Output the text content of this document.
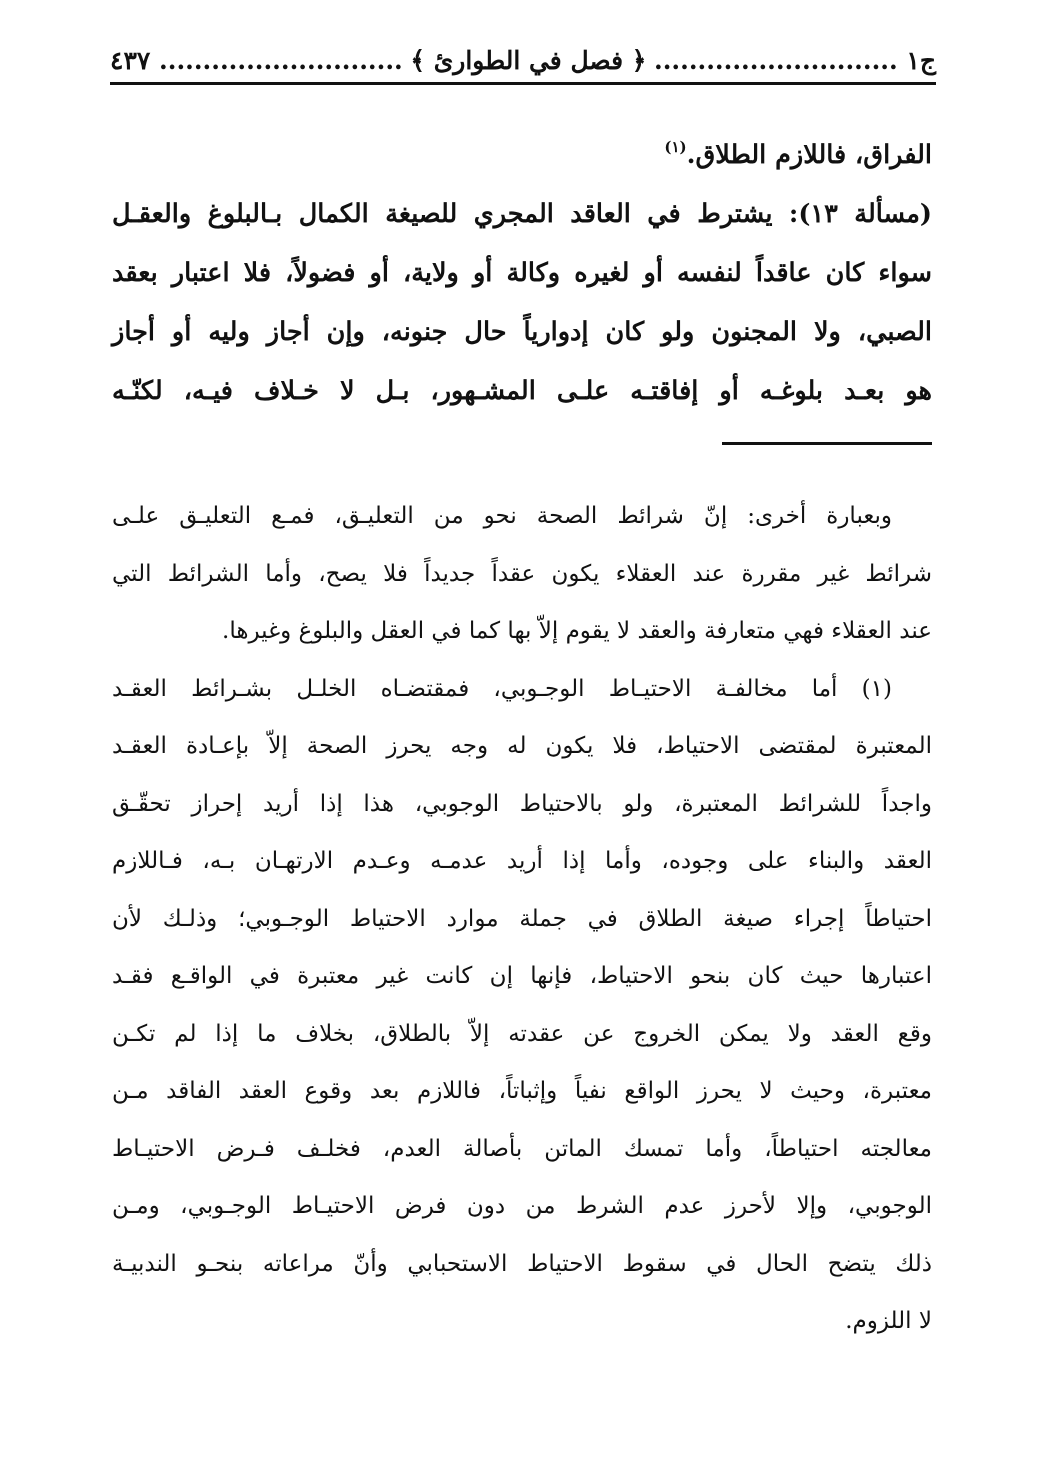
ج١ ............................
﴿ فصل في الطوارئ ﴾
............................ ٤٣٧

الفراق، فاللازم الطلاق.$^{(١)}$

(مسألة ١٣): يشترط في العاقد المجري للصيغة الكمال بـالبلوغ والعقـل

سواء كان عاقداً لنفسه أو لغيره وكالة أو ولاية، أو فضولاً، فلا اعتبار بعقد

الصبي، ولا المجنون ولو كان إدوارياً حال جنونه، وإن أجاز وليه أو أجاز

هو بعـد بلوغـه أو إفاقتـه علـى المشـهور، بـل لا خـلاف فيـه، لكنّـه

وبعبارة أخرى: إنّ شرائط الصحة نحو من التعليـق، فمـع التعليـق علـى

شرائط غير مقررة عند العقلاء يكون عقداً جديداً فلا يصح، وأما الشرائط التي

عند العقلاء فهي متعارفة والعقد لا يقوم إلاّ بها كما في العقل والبلوغ وغيرها.

(١) أما مخالفـة الاحتيـاط الوجـوبي، فمقتضـاه الخلـل بشـرائط العقـد

المعتبرة لمقتضى الاحتياط، فلا يكون له وجه يحرز الصحة إلاّ بإعـادة العقـد

واجداً للشرائط المعتبرة، ولو بالاحتياط الوجوبي، هذا إذا أريد إحراز تحقّـق

العقد والبناء على وجوده، وأما إذا أريد عدمـه وعـدم الارتهـان بـه، فـاللازم

احتياطاً إجراء صيغة الطلاق في جملة موارد الاحتياط الوجـوبي؛ وذلـك لأن

اعتبارها حيث كان بنحو الاحتياط، فإنها إن كانت غير معتبرة في الواقـع فقـد

وقع العقد ولا يمكن الخروج عن عقدته إلاّ بالطلاق، بخلاف ما إذا لم تكـن

معتبرة، وحيث لا يحرز الواقع نفياً وإثباتاً، فاللازم بعد وقوع العقد الفاقد مـن

معالجته احتياطاً، وأما تمسك الماتن بأصالة العدم، فخلـف فـرض الاحتيـاط

الوجوبي، وإلا لأحرز عدم الشرط من دون فرض الاحتيـاط الوجـوبي، ومـن

ذلك يتضح الحال في سقوط الاحتياط الاستحبابي وأنّ مراعاته بنحـو الندبيـة

لا اللزوم.
